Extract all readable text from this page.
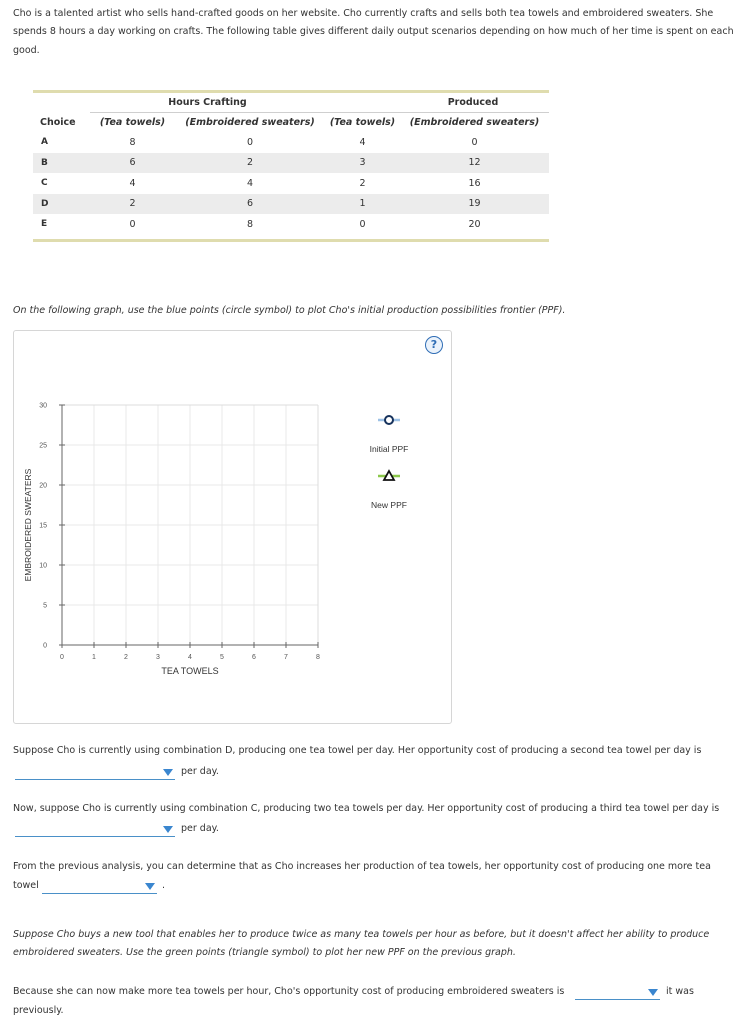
Cho is a talented artist who sells hand-crafted goods on her website. Cho currently crafts and sells both tea towels and embroidered sweaters. She

spends 8 hours a day working on crafts. The following table gives different daily output scenarios depending on how much of her time is spent on each

good.

	Hours Crafting		Produced	
Choice	(Tea towels)	(Embroidered sweaters)	(Tea towels)	(Embroidered sweaters)
A	8	0	4	0
B	6	2	3	12
C	4	4	2	16
D	2	6	1	19
E	0	8	0	20

On the following graph, use the blue points (circle symbol) to plot Cho's initial production possibilities frontier (PPF).

?
0	1	2	3	4	5	6	7	8
0
5
10
15
20
25
30
TEA TOWELS
EMBROIDERED SWEATERS
Initial PPF
New PPF

Suppose Cho is currently using combination D, producing one tea towel per day. Her opportunity cost of producing a second tea towel per day is

per day.

Now, suppose Cho is currently using combination C, producing two tea towels per day. Her opportunity cost of producing a third tea towel per day is

per day.

From the previous analysis, you can determine that as Cho increases her production of tea towels, her opportunity cost of producing one more tea

towel	.

Suppose Cho buys a new tool that enables her to produce twice as many tea towels per hour as before, but it doesn't affect her ability to produce

embroidered sweaters. Use the green points (triangle symbol) to plot her new PPF on the previous graph.

Because she can now make more tea towels per hour, Cho's opportunity cost of producing embroidered sweaters is	it was

previously.
